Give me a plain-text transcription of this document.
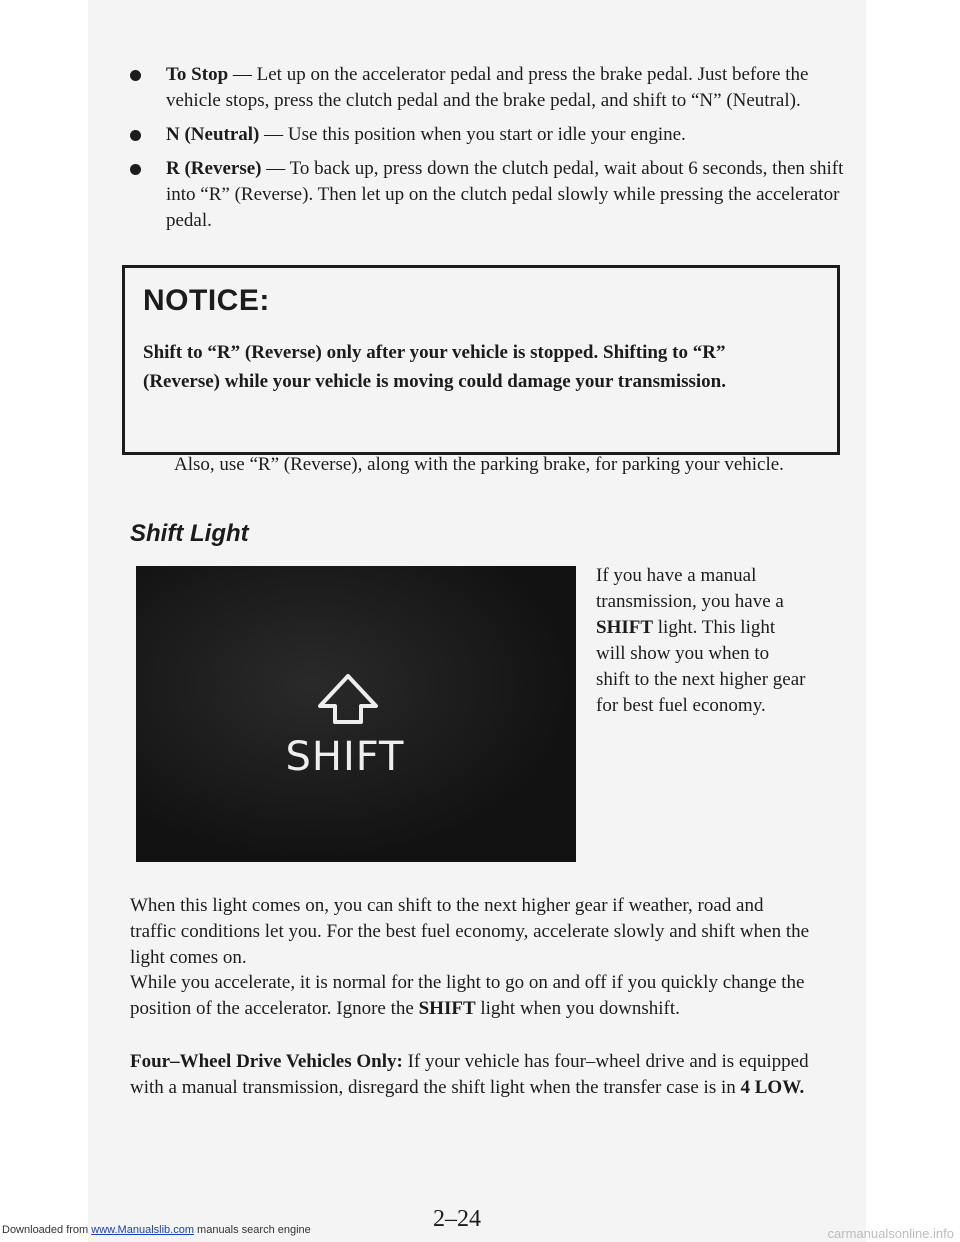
To Stop — Let up on the accelerator pedal and press the brake pedal. Just before the vehicle stops, press the clutch pedal and the brake pedal, and shift to “N” (Neutral).
N (Neutral) — Use this position when you start or idle your engine.
R (Reverse) — To back up, press down the clutch pedal, wait about 6 seconds, then shift into “R” (Reverse). Then let up on the clutch pedal slowly while pressing the accelerator pedal.
NOTICE:
Shift to “R” (Reverse) only after your vehicle is stopped. Shifting to “R” (Reverse) while your vehicle is moving could damage your transmission.
Also, use “R” (Reverse), along with the parking brake, for parking your vehicle.
Shift Light
SHIFT
If you have a manual transmission, you have a SHIFT light. This light will show you when to shift to the next higher gear for best fuel economy.
When this light comes on, you can shift to the next higher gear if weather, road and traffic conditions let you. For the best fuel economy, accelerate slowly and shift when the light comes on.
While you accelerate, it is normal for the light to go on and off if you quickly change the position of the accelerator. Ignore the SHIFT light when you downshift.
Four–Wheel Drive Vehicles Only: If your vehicle has four–wheel drive and is equipped with a manual transmission, disregard the shift light when the transfer case is in 4 LOW.
2–24
Downloaded from www.Manualslib.com manuals search engine	carmanualsonline.info
